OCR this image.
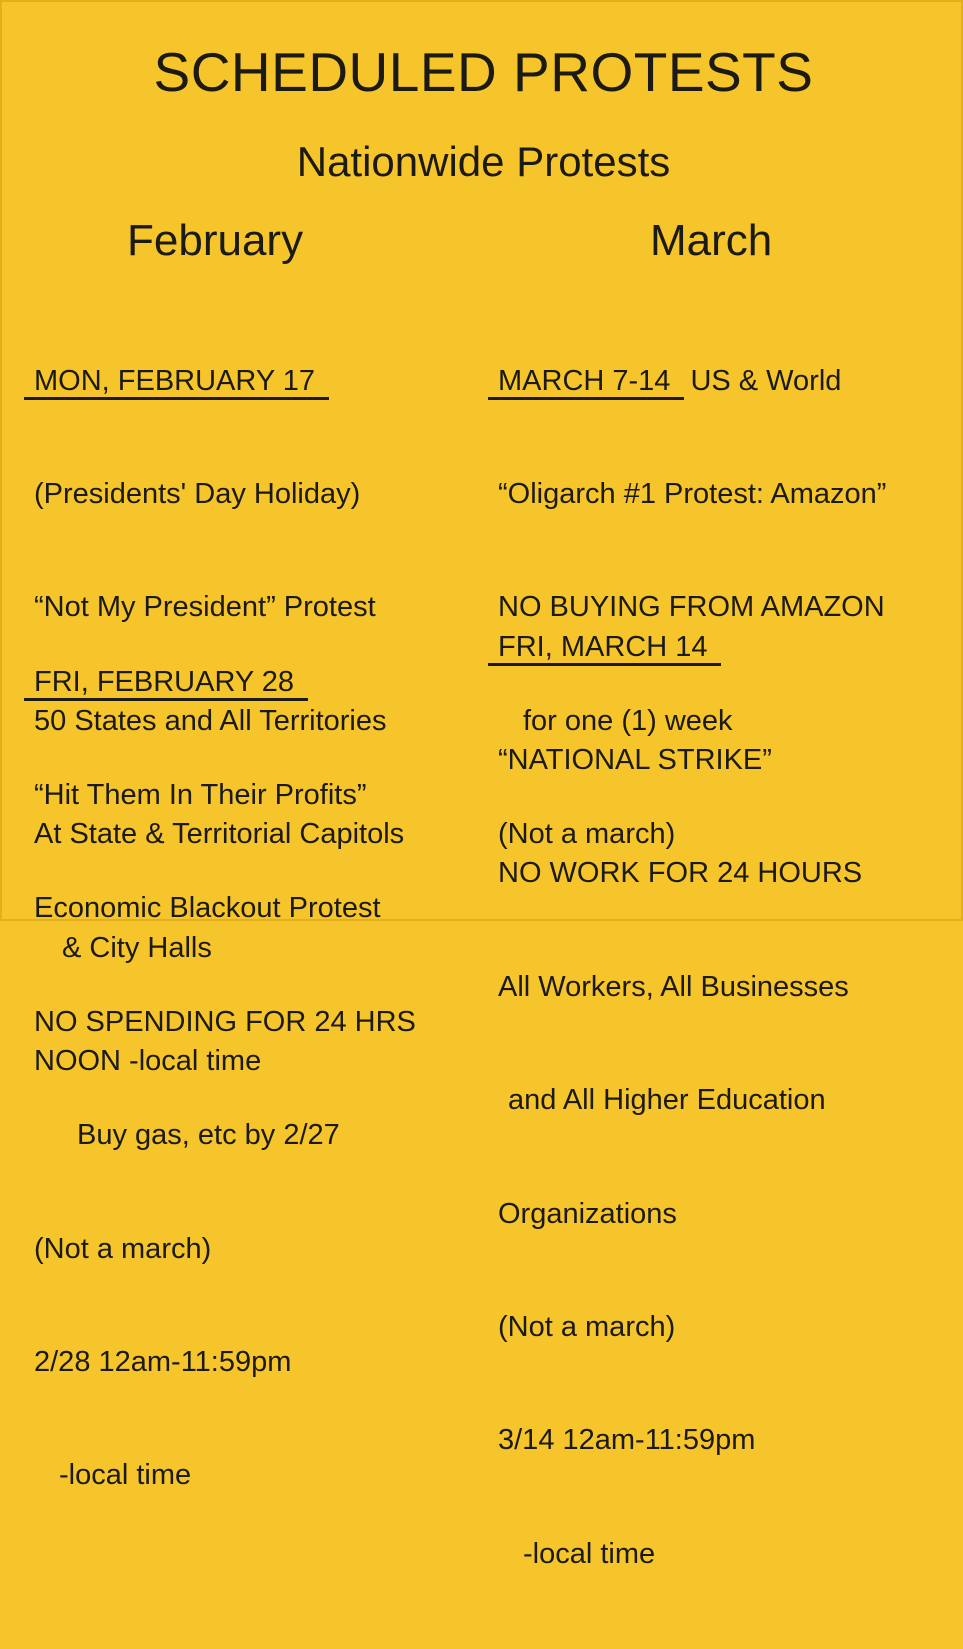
SCHEDULED PROTESTS
Nationwide Protests
February	March

MON, FEBRUARY 17

(Presidents' Day Holiday)

“Not My President” Protest

50 States and All Territories

At State & Territorial Capitols

& City Halls

NOON -local time

FRI, FEBRUARY 28

“Hit Them In Their Profits”

Economic Blackout Protest

NO SPENDING FOR 24 HRS

Buy gas, etc by 2/27

(Not a march)

2/28 12am-11:59pm

-local time

MARCH 7-14 US & World

“Oligarch #1 Protest: Amazon”

NO BUYING FROM AMAZON

for one (1) week

(Not a march)

FRI, MARCH 14

“NATIONAL STRIKE”

NO WORK FOR 24 HOURS

All Workers, All Businesses

and All Higher Education

Organizations

(Not a march)

3/14 12am-11:59pm

-local time
